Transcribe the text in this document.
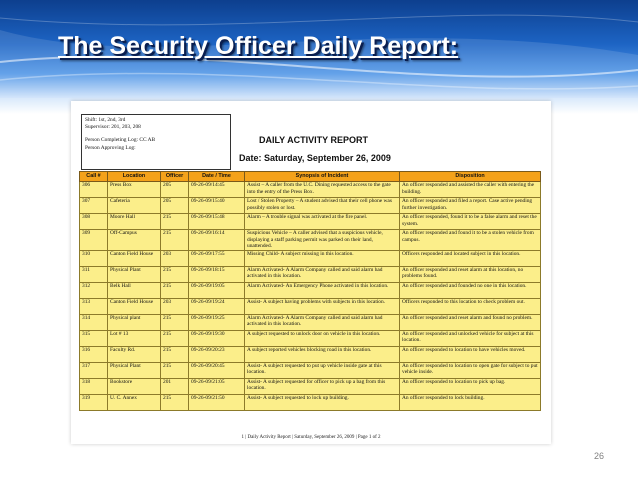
The Security Officer Daily Report:
Shift: 1st, 2nd, 3rd
Supervisor: 201, 203, 208
Person Completing Log: CC AB
Person Approving Log:

DAILY ACTIVITY REPORT

Date: Saturday, September 26, 2009

Call #	Location	Officer	Date / Time	Synopsis of Incident	Disposition
306	Press Box	205	09-26-09/14:45	Assist – A caller from the U.C. Dining requested access to the gate into the entry of the Press Box.	An officer responded and assisted the caller with entering the building.
307	Cafeteria	205	09-26-09/15:40	Lost / Stolen Property – A student advised that their cell phone was possibly stolen or lost.	An officer responded and filed a report. Case active pending further investigation.
308	Moore Hall	215	09-26-09/15:48	Alarm – A trouble signal was activated at the fire panel.	An officer responded, found it to be a false alarm and reset the system.
309	Off-Campus	215	09-26-09/16:14	Suspicious Vehicle – A caller advised that a suspicious vehicle, displaying a staff parking permit was parked on their land, unattended.	An officer responded and found it to be a stolen vehicle from campus.
310	Canton Field House	203	09-26-09/17:55	Missing Child- A subject missing in this location.	Officers responded and located subject in this location.
311	Physical Plant	215	09-26-09/18:15	Alarm Activated- A Alarm Company called and said alarm had activated in this location.	An officer responded and reset alarm at this location, no problems found.
312	Belk Hall	215	09-26-09/19:05	Alarm Activated- An Emergency Phone activated in this location.	An officer responded and founded no one in this location.
313	Canton Field House	203	09-26-09/19:24	Assist- A subject having problems with subjects in this location.	Officers responded to this location to check problem out.
314	Physical plant	215	09-26-09/19:25	Alarm Activated- A Alarm Company called and said alarm had activated in this location.	An officer responded and reset alarm and found no problem.
315	Lot # 13	215	09-26-09/19:30	A subject requested to unlock door on vehicle in this location.	An officer responded and unlocked vehicle for subject at this location.
316	Faculty Rd.	215	09-26-09/20:23	A subject reported vehicles blocking road in this location.	An officer responded to location to have vehicles moved.
317	Physical Plant	215	09-26-09/20:45	Assist- A subject requested to put up vehicle inside gate at this location.	An officer responded to location to open gate for subject to put vehicle inside.
318	Bookstore	201	09-26-09/21:05	Assist- A subject requested for officer to pick up a bag from this location.	An officer responded to location to pick up bag.
319	U. C. Annex	215	09-26-09/21:50	Assist- A subject requested to lock up building.	An officer responded to lock building.
1 | Daily Activity Report | Saturday, September 26, 2009 | Page 1 of 2
26
